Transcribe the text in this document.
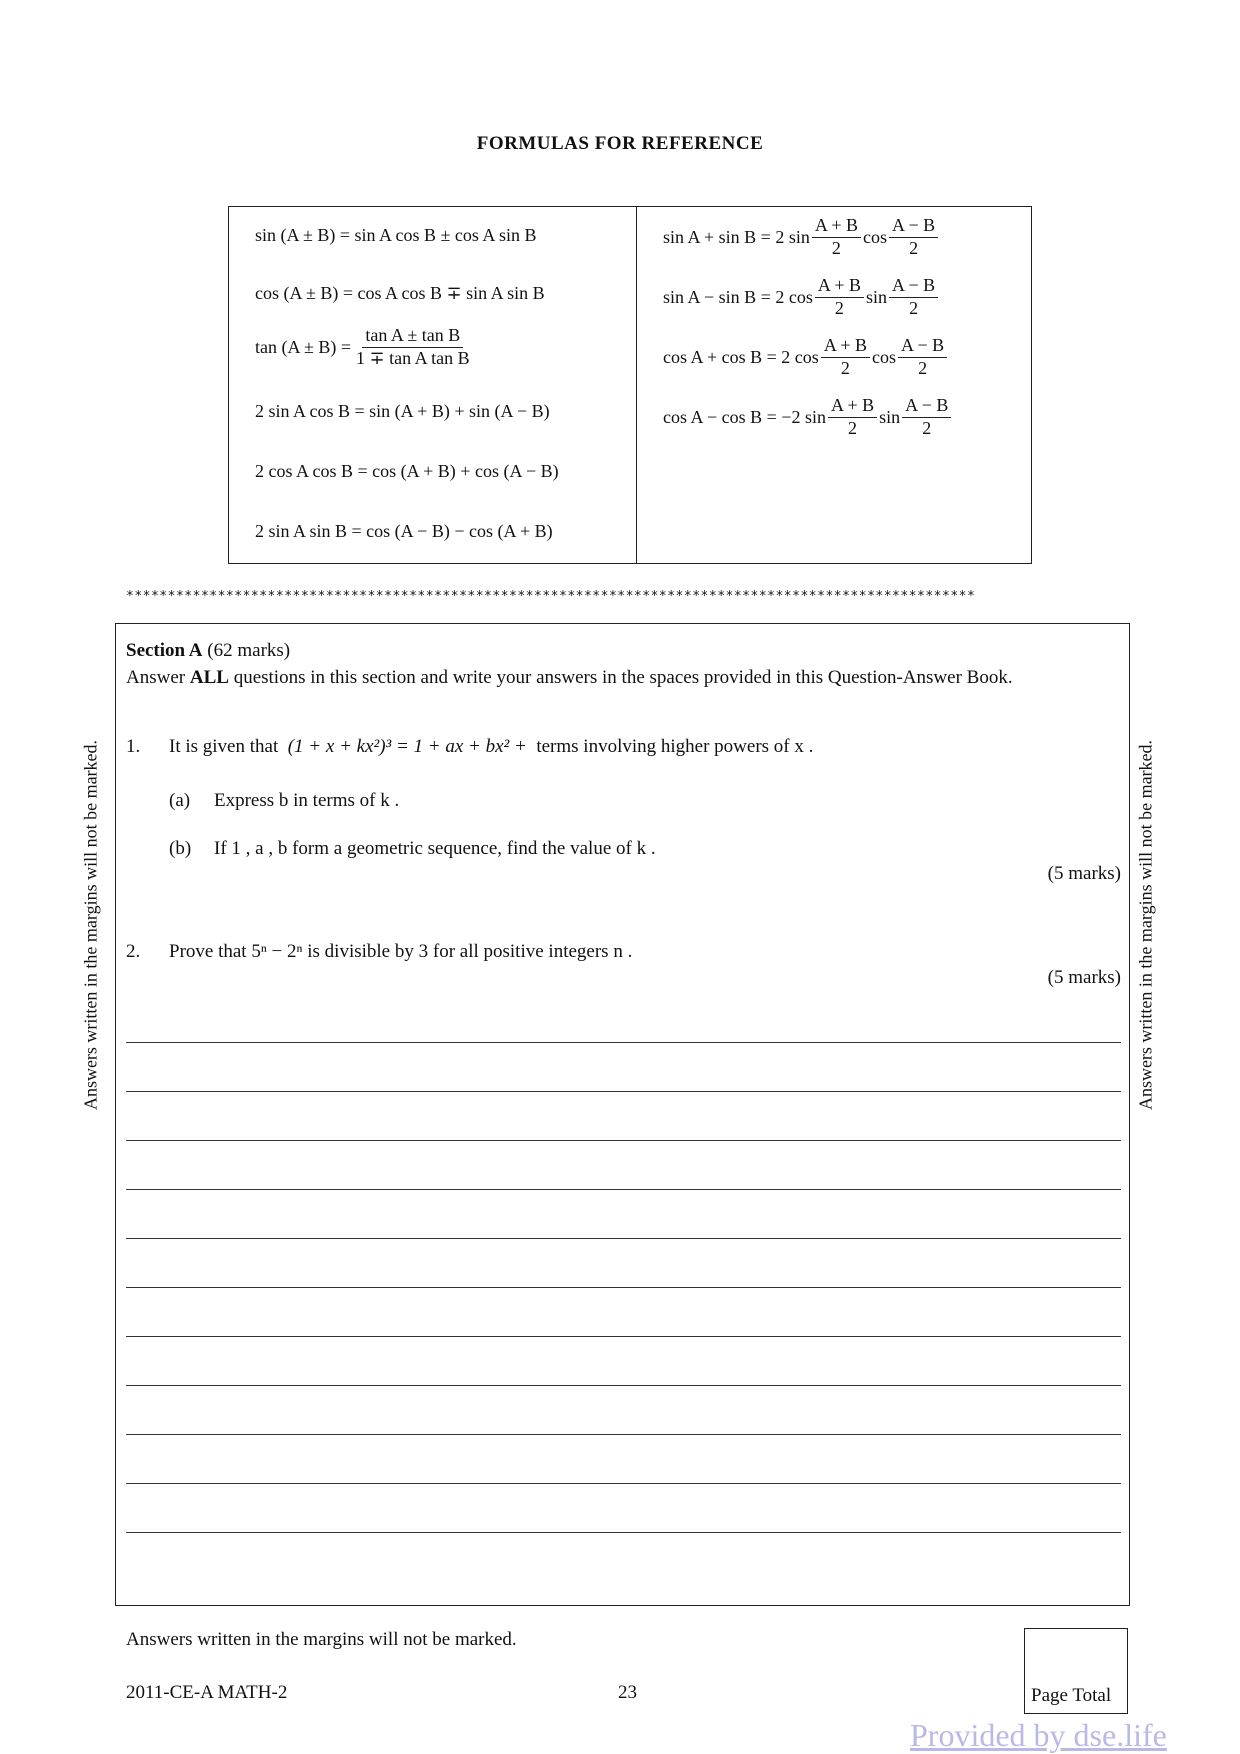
FORMULAS FOR REFERENCE
sin (A ± B) = sin A cos B ± cos A sin B
cos (A ± B) = cos A cos B ∓ sin A sin B
$\tan (A \pm B) = \frac{\text{tan A ± tan B}}{\text{1 ∓ tan A tan B}}$
2 sin A cos B = sin (A + B) + sin (A − B)
2 cos A cos B = cos (A + B) + cos (A − B)
2 sin A sin B = cos (A − B) − cos (A + B)
sin A + sin B = 2 $\sin \frac{A + B}{2}$ $\cos \frac{A - B}{2}$
sin A − sin B = 2 $\cos \frac{A + B}{2}$ $\sin \frac{A - B}{2}$
cos A + cos B = 2 $\cos \frac{A + B}{2}$ $\cos \frac{A - B}{2}$
cos A − cos B = −2 $\sin \frac{A + B}{2}$ $\sin \frac{A - B}{2}$
******************************************************************************************************
Section A (62 marks)
Answer ALL questions in this section and write your answers in the spaces provided in this Question-Answer Book.
1. It is given that (1 + x + kx²)³ = 1 + ax + bx² + terms involving higher powers of x .
(a) Express b in terms of k .
(b) If 1 , a , b form a geometric sequence, find the value of k .
(5 marks)
2. Prove that 5ⁿ − 2ⁿ is divisible by 3 for all positive integers n .
(5 marks)
Answers written in the margins will not be marked.	Answers written in the margins will not be marked.
Answers written in the margins will not be marked.
2011-CE-A MATH-2	23	Page Total
Provided by dse.life
